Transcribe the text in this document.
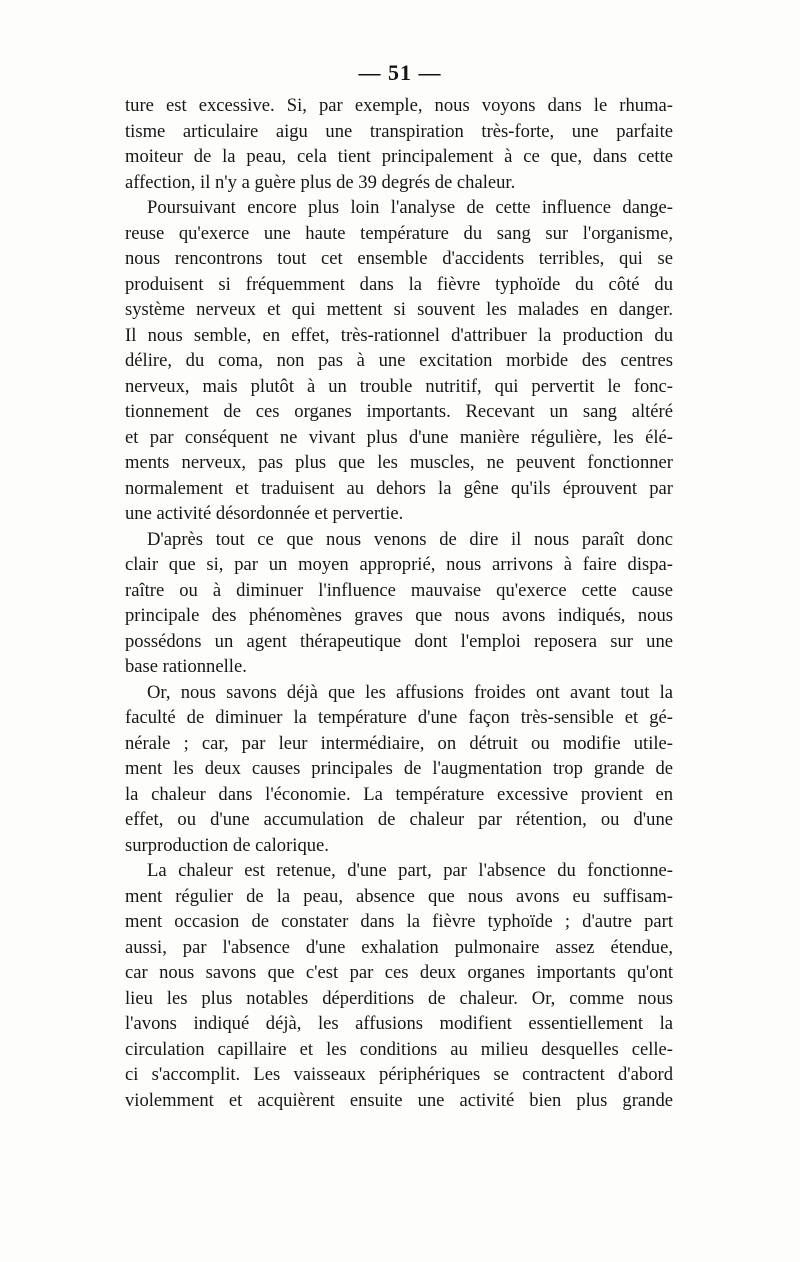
— 51 —
ture est excessive. Si, par exemple, nous voyons dans le rhuma-
tisme articulaire aigu une transpiration très-forte, une parfaite
moiteur de la peau, cela tient principalement à ce que, dans cette
affection, il n'y a guère plus de 39 degrés de chaleur.
Poursuivant encore plus loin l'analyse de cette influence dange-
reuse qu'exerce une haute température du sang sur l'organisme,
nous rencontrons tout cet ensemble d'accidents terribles, qui se
produisent si fréquemment dans la fièvre typhoïde du côté du
système nerveux et qui mettent si souvent les malades en danger.
Il nous semble, en effet, très-rationnel d'attribuer la production du
délire, du coma, non pas à une excitation morbide des centres
nerveux, mais plutôt à un trouble nutritif, qui pervertit le fonc-
tionnement de ces organes importants. Recevant un sang altéré
et par conséquent ne vivant plus d'une manière régulière, les élé-
ments nerveux, pas plus que les muscles, ne peuvent fonctionner
normalement et traduisent au dehors la gêne qu'ils éprouvent par
une activité désordonnée et pervertie.
D'après tout ce que nous venons de dire il nous paraît donc
clair que si, par un moyen approprié, nous arrivons à faire dispa-
raître ou à diminuer l'influence mauvaise qu'exerce cette cause
principale des phénomènes graves que nous avons indiqués, nous
possédons un agent thérapeutique dont l'emploi reposera sur une
base rationnelle.
Or, nous savons déjà que les affusions froides ont avant tout la
faculté de diminuer la température d'une façon très-sensible et gé-
nérale ; car, par leur intermédiaire, on détruit ou modifie utile-
ment les deux causes principales de l'augmentation trop grande de
la chaleur dans l'économie. La température excessive provient en
effet, ou d'une accumulation de chaleur par rétention, ou d'une
surproduction de calorique.
La chaleur est retenue, d'une part, par l'absence du fonctionne-
ment régulier de la peau, absence que nous avons eu suffisam-
ment occasion de constater dans la fièvre typhoïde ; d'autre part
aussi, par l'absence d'une exhalation pulmonaire assez étendue,
car nous savons que c'est par ces deux organes importants qu'ont
lieu les plus notables déperditions de chaleur. Or, comme nous
l'avons indiqué déjà, les affusions modifient essentiellement la
circulation capillaire et les conditions au milieu desquelles celle-
ci s'accomplit. Les vaisseaux périphériques se contractent d'abord
violemment et acquièrent ensuite une activité bien plus grande
